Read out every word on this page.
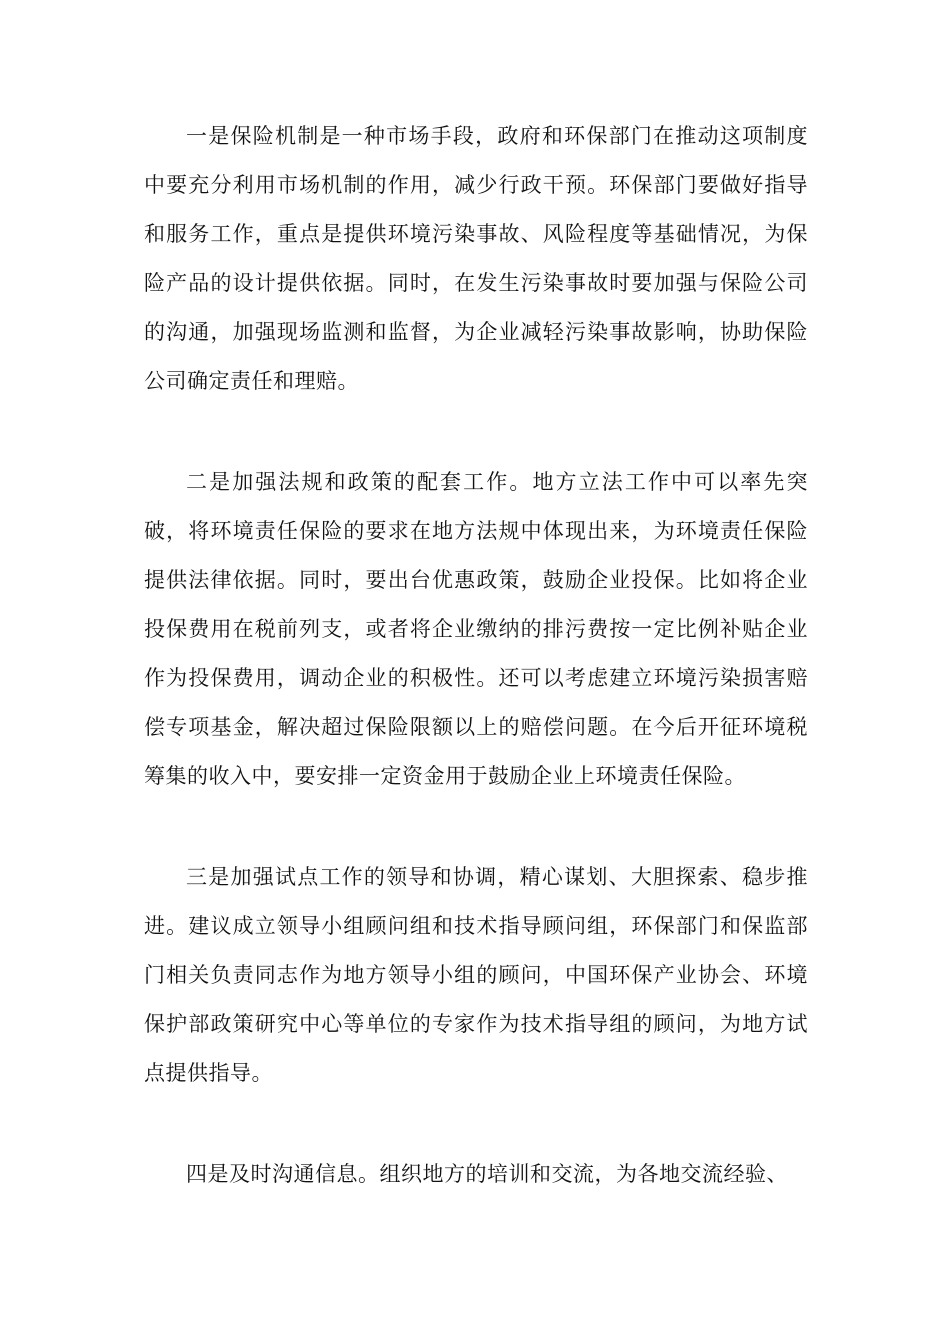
一是保险机制是一种市场手段，政府和环保部门在推动这项制度中要充分利用市场机制的作用，减少行政干预。环保部门要做好指导和服务工作，重点是提供环境污染事故、风险程度等基础情况，为保险产品的设计提供依据。同时，在发生污染事故时要加强与保险公司的沟通，加强现场监测和监督，为企业减轻污染事故影响，协助保险公司确定责任和理赔。

二是加强法规和政策的配套工作。地方立法工作中可以率先突破，将环境责任保险的要求在地方法规中体现出来，为环境责任保险提供法律依据。同时，要出台优惠政策，鼓励企业投保。比如将企业投保费用在税前列支，或者将企业缴纳的排污费按一定比例补贴企业作为投保费用，调动企业的积极性。还可以考虑建立环境污染损害赔偿专项基金，解决超过保险限额以上的赔偿问题。在今后开征环境税筹集的收入中，要安排一定资金用于鼓励企业上环境责任保险。

三是加强试点工作的领导和协调，精心谋划、大胆探索、稳步推进。建议成立领导小组顾问组和技术指导顾问组，环保部门和保监部门相关负责同志作为地方领导小组的顾问，中国环保产业协会、环境保护部政策研究中心等单位的专家作为技术指导组的顾问，为地方试点提供指导。

四是及时沟通信息。组织地方的培训和交流，为各地交流经验、
